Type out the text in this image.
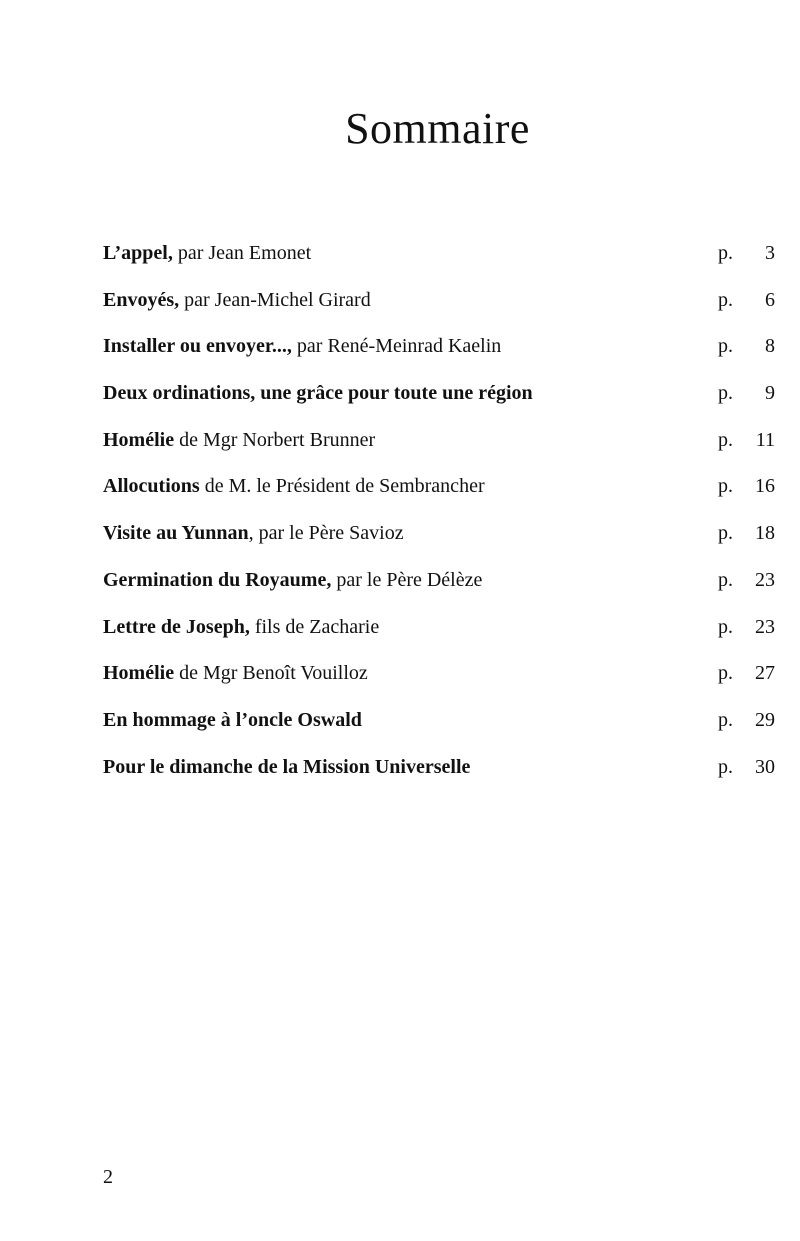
Sommaire
L’appel, par Jean Emonet	p. 3
Envoyés, par Jean-Michel Girard	p. 6
Installer ou envoyer..., par René-Meinrad Kaelin	p. 8
Deux ordinations, une grâce pour toute une région	p. 9
Homélie de Mgr Norbert Brunner	p. 11
Allocutions de M. le Président de Sembrancher	p. 16
Visite au Yunnan, par le Père Savioz	p. 18
Germination du Royaume, par le Père Délèze	p. 23
Lettre de Joseph, fils de Zacharie	p. 23
Homélie de Mgr Benoît Vouilloz	p. 27
En hommage à l’oncle Oswald	p. 29
Pour le dimanche de la Mission Universelle	p. 30
2
